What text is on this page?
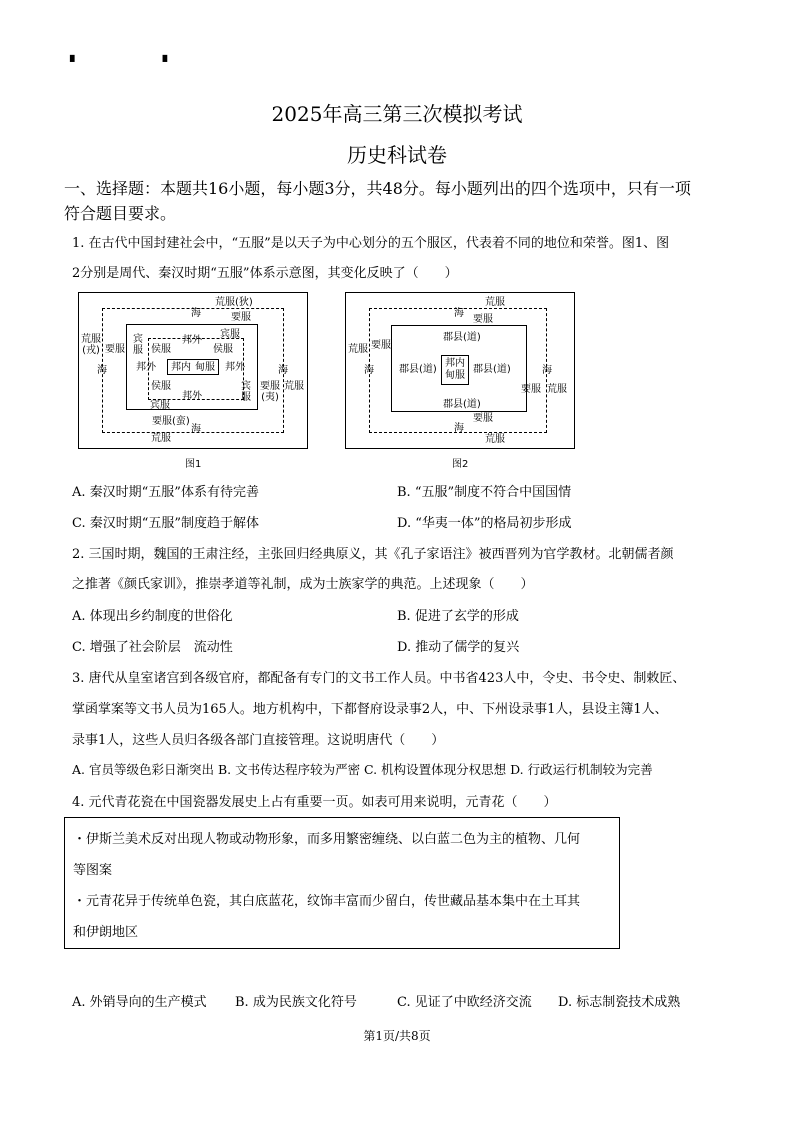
▘	▝
2025年高三第三次模拟考试
历史科试卷
一、选择题：本题共16小题，每小题3分，共48分。每小题列出的四个选项中，只有一项
符合题目要求。
1. 在古代中国封建社会中，“五服”是以天子为中心划分的五个服区，代表着不同的地位和荣誉。图1、图
2分别是周代、秦汉时期“五服”体系示意图，其变化反映了（　　）
荒服(狄)
海	要服
荒服(戎) 要服
海
宾服
邦外
宾服 侯服	侯服
邦外 邦内 甸服 邦外
侯服	宾服
邦外
宾服
海
要服(夷)
荒服
要服(蛮)
海
荒服
图1
荒服
海
要服
荒服 要服
海
郡县(道)
郡县(道)
邦内
甸服
郡县(道)
郡县(道)
海
要服 荒服
要服
海
荒服
图2
A. 秦汉时期“五服”体系有待完善	B. “五服”制度不符合中国国情
C. 秦汉时期“五服”制度趋于解体	D. “华夷一体”的格局初步形成
2. 三国时期，魏国的王肃注经，主张回归经典原义，其《孔子家语注》被西晋列为官学教材。北朝儒者颜
之推著《颜氏家训》，推崇孝道等礼制，成为士族家学的典范。上述现象（　　）
A. 体现出乡约制度的世俗化	B. 促进了玄学的形成
C. 增强了社会阶层　流动性	D. 推动了儒学的复兴
3. 唐代从皇室诸宫到各级官府，都配备有专门的文书工作人员。中书省423人中，令史、书令史、制敕匠、
掌函掌案等文书人员为165人。地方机构中，下都督府设录事2人，中、下州设录事1人，县设主簿1人、
录事1人，这些人员归各级各部门直接管理。这说明唐代（　　）
A. 官员等级色彩日渐突出 B. 文书传达程序较为严密 C. 机构设置体现分权思想 D. 行政运行机制较为完善
4. 元代青花瓷在中国瓷器发展史上占有重要一页。如表可用来说明，元青花（　　）
・伊斯兰美术反对出现人物或动物形象，而多用繁密缠绕、以白蓝二色为主的植物、几何
等图案
・元青花异于传统单色瓷，其白底蓝花，纹饰丰富而少留白，传世藏品基本集中在土耳其
和伊朗地区
A. 外销导向的生产模式 B. 成为民族文化符号	C. 见证了中欧经济交流 D. 标志制瓷技术成熟
第1页/共8页
